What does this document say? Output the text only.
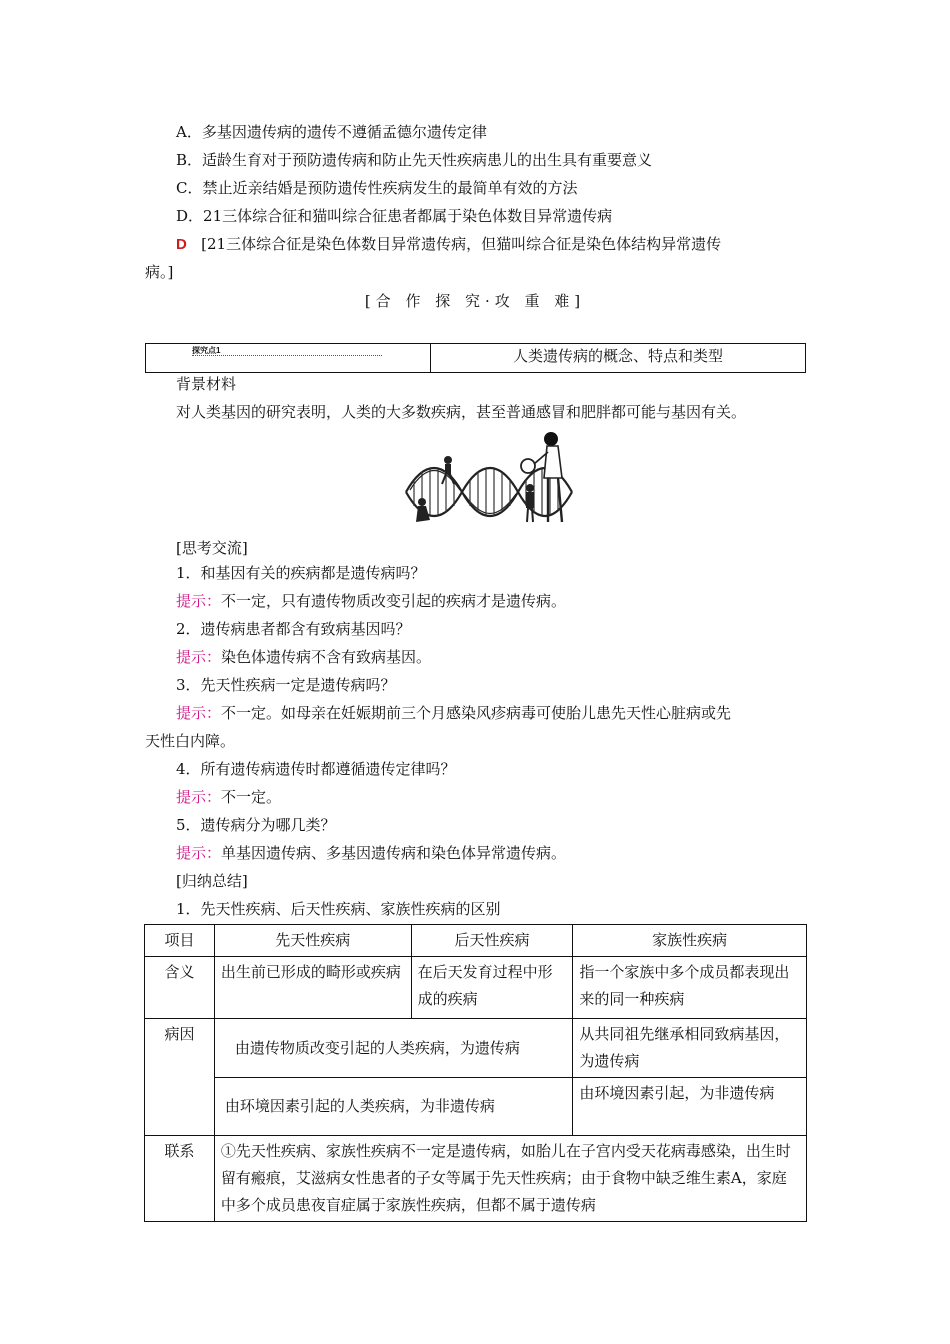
A．多基因遗传病的遗传不遵循孟德尔遗传定律
B．适龄生育对于预防遗传病和防止先天性疾病患儿的出生具有重要意义
C．禁止近亲结婚是预防遗传性疾病发生的最简单有效的方法
D．21三体综合征和猫叫综合征患者都属于染色体数目异常遗传病
D [21三体综合征是染色体数目异常遗传病，但猫叫综合征是染色体结构异常遗传
病。]
[合 作 探 究·攻 重 难]
探究点1	人类遗传病的概念、特点和类型
背景材料
对人类基因的研究表明，人类的大多数疾病，甚至普通感冒和肥胖都可能与基因有关。
[思考交流]
1．和基因有关的疾病都是遗传病吗？
提示：不一定，只有遗传物质改变引起的疾病才是遗传病。
2．遗传病患者都含有致病基因吗？
提示：染色体遗传病不含有致病基因。
3．先天性疾病一定是遗传病吗？
提示：不一定。如母亲在妊娠期前三个月感染风疹病毒可使胎儿患先天性心脏病或先
天性白内障。
4．所有遗传病遗传时都遵循遗传定律吗？
提示：不一定。
5．遗传病分为哪几类？
提示：单基因遗传病、多基因遗传病和染色体异常遗传病。
[归纳总结]
1．先天性疾病、后天性疾病、家族性疾病的区别
项目	先天性疾病	后天性疾病	家族性疾病
含义	出生前已形成的畸形或疾病	在后天发育过程中形成的疾病	指一个家族中多个成员都表现出来的同一种疾病
病因	由遗传物质改变引起的人类疾病，为遗传病		从共同祖先继承相同致病基因，为遗传病
	由环境因素引起的人类疾病，为非遗传病		由环境因素引起，为非遗传病
联系	①先天性疾病、家族性疾病不一定是遗传病，如胎儿在子宫内受天花病毒感染，出生时留有瘢痕，艾滋病女性患者的子女等属于先天性疾病；由于食物中缺乏维生素A，家庭中多个成员患夜盲症属于家族性疾病，但都不属于遗传病		
